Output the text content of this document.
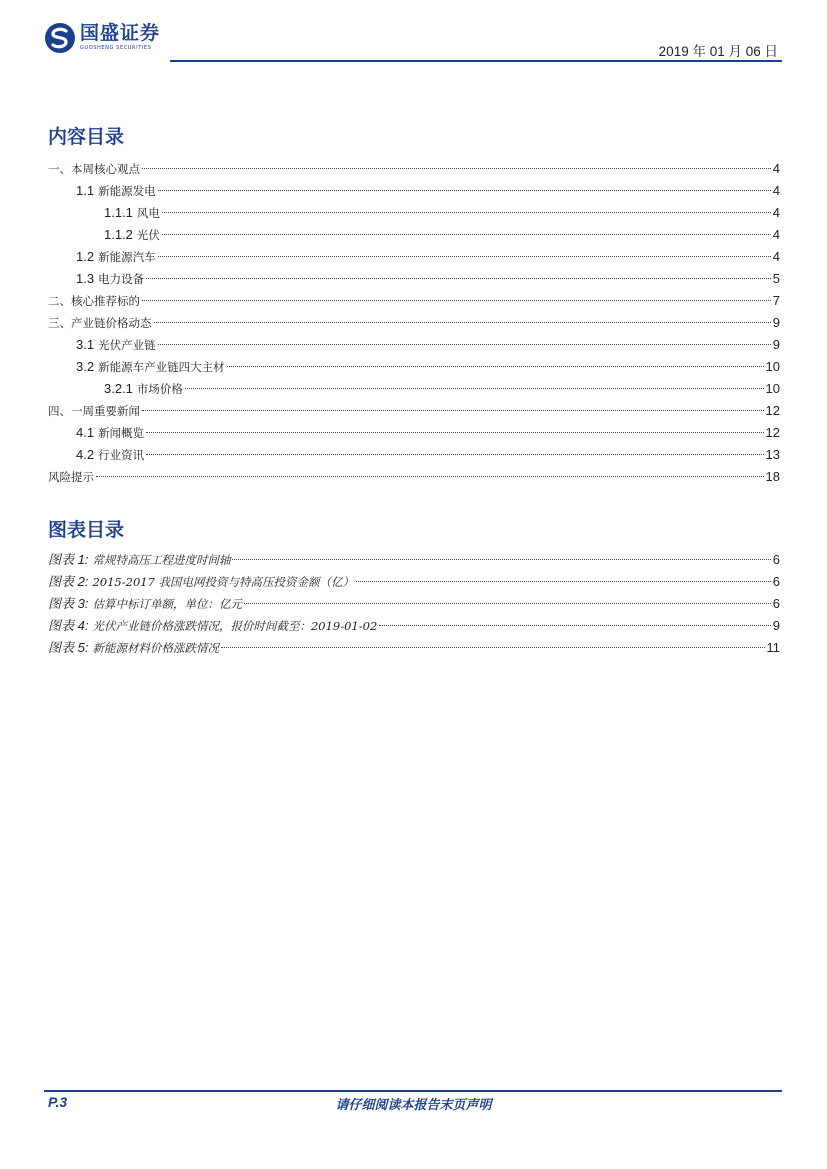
国盛证券
GUOSHENG SECURITIES	2019 年 01 月 06 日
内容目录
一、本周核心观点	4
1.1 新能源发电	4
1.1.1 风电	4
1.1.2 光伏	4
1.2 新能源汽车	4
1.3 电力设备	5
二、核心推荐标的	7
三、产业链价格动态	9
3.1 光伏产业链	9
3.2 新能源车产业链四大主材	10
3.2.1 市场价格	10
四、一周重要新闻	12
4.1 新闻概览	12
4.2 行业资讯	13
风险提示	18
图表目录
图表 1: 常规特高压工程进度时间轴	6
图表 2: 2015-2017 我国电网投资与特高压投资金额（亿）	6
图表 3: 估算中标订单额，单位：亿元	6
图表 4: 光伏产业链价格涨跌情况，报价时间截至：2019-01-02	9
图表 5: 新能源材料价格涨跌情况	11
P.3	请仔细阅读本报告末页声明
